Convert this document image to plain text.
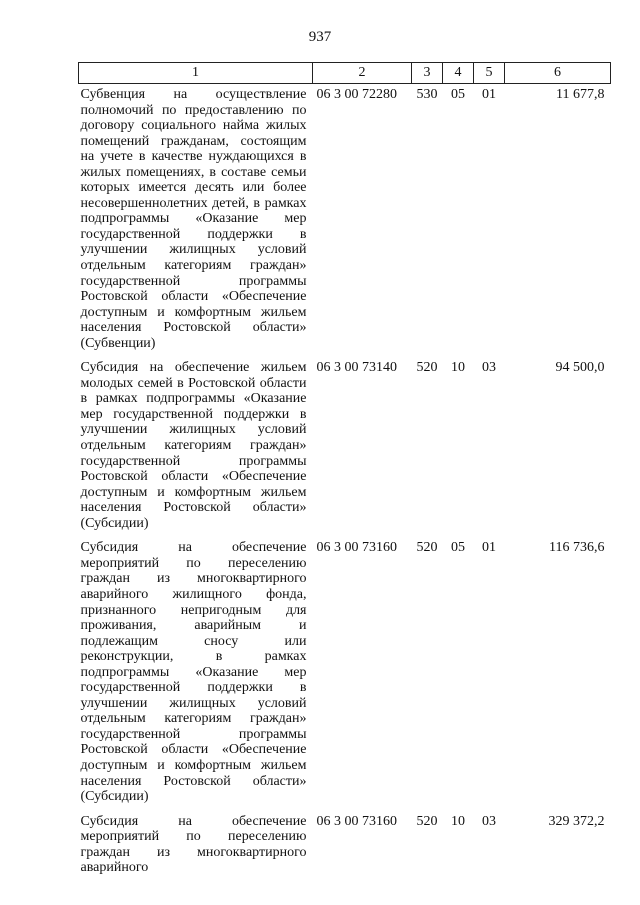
937
1	2	3	4	5	6
Субвенция на осуществление полномочий по предоставлению по договору социального найма жилых помещений гражданам, состоящим на учете в качестве нуждающихся в жилых помещениях, в составе семьи которых имеется десять или более несовершеннолетних детей, в рамках подпрограммы «Оказание мер государственной поддержки в улучшении жилищных условий отдельным категориям граждан» государственной программы Ростовской области «Обеспечение доступным и комфортным жильем населения Ростовской области» (Субвенции)	06 3 00 72280	530	05	01	11 677,8
Субсидия на обеспечение жильем молодых семей в Ростовской области в рамках подпрограммы «Оказание мер государственной поддержки в улучшении жилищных условий отдельным категориям граждан» государственной программы Ростовской области «Обеспечение доступным и комфортным жильем населения Ростовской области» (Субсидии)	06 3 00 73140	520	10	03	94 500,0
Субсидия на обеспечение мероприятий по переселению граждан из многоквартирного аварийного жилищного фонда, признанного непригодным для проживания, аварийным и подлежащим сносу или реконструкции, в рамках подпрограммы «Оказание мер государственной поддержки в улучшении жилищных условий отдельным категориям граждан» государственной программы Ростовской области «Обеспечение доступным и комфортным жильем населения Ростовской области» (Субсидии)	06 3 00 73160	520	05	01	116 736,6
Субсидия на обеспечение мероприятий по переселению граждан из многоквартирного аварийного	06 3 00 73160	520	10	03	329 372,2
